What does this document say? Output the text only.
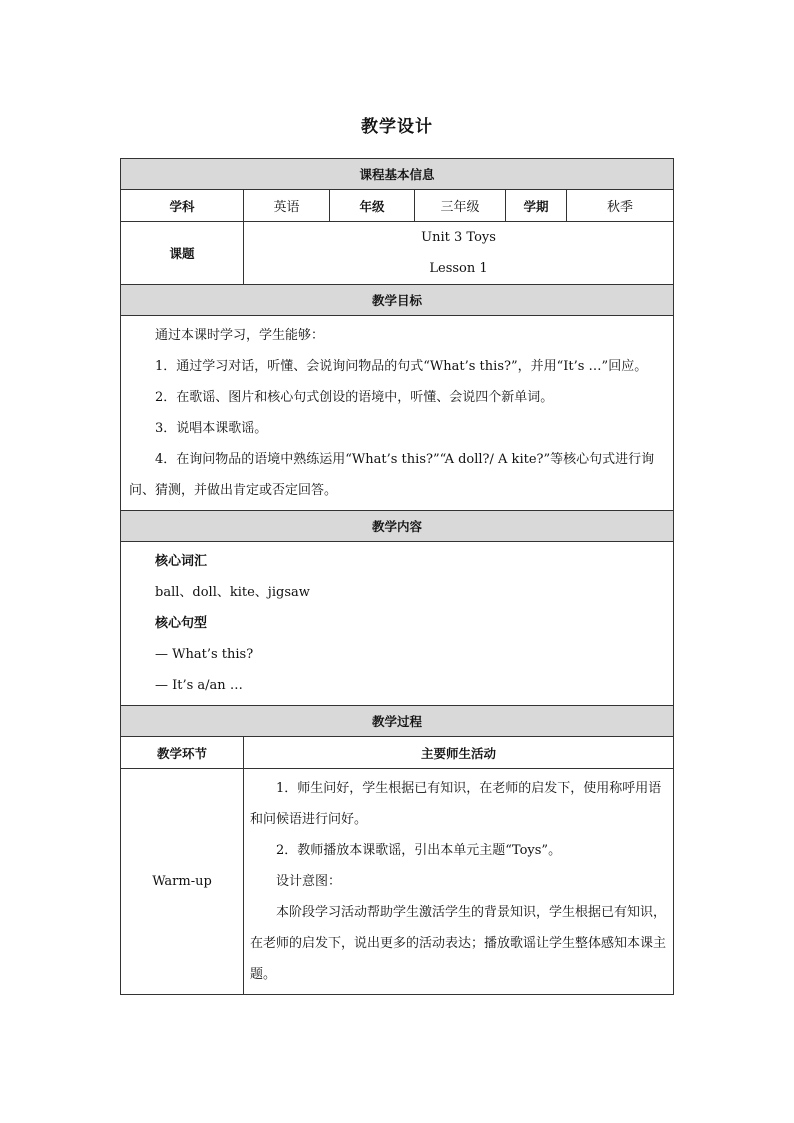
教学设计
课程基本信息					
学科	英语	年级	三年级	学期	秋季
课题	Unit 3 Toys
Lesson 1				

教学目标					

通过本课时学习，学生能够：

1．通过学习对话，听懂、会说询问物品的句式“What’s this?”，并用“It’s …”回应。

2．在歌谣、图片和核心句式创设的语境中，听懂、会说四个新单词。

3．说唱本课歌谣。

4．在询问物品的语境中熟练运用“What’s this?”“A doll?/ A kite?”等核心句式进行询问、猜测，并做出肯定或否定回答。					

教学内容					

核心词汇

ball、doll、kite、jigsaw

核心句型

— What’s this?

— It’s a/an …					

教学过程					
教学环节	主要师生活动				
Warm-up	1．师生问好，学生根据已有知识，在老师的启发下，使用称呼用语和问候语进行问好。

2．教师播放本课歌谣，引出本单元主题“Toys”。

设计意图：

本阶段学习活动帮助学生激活学生的背景知识，学生根据已有知识，在老师的启发下，说出更多的活动表达；播放歌谣让学生整体感知本课主题。				
